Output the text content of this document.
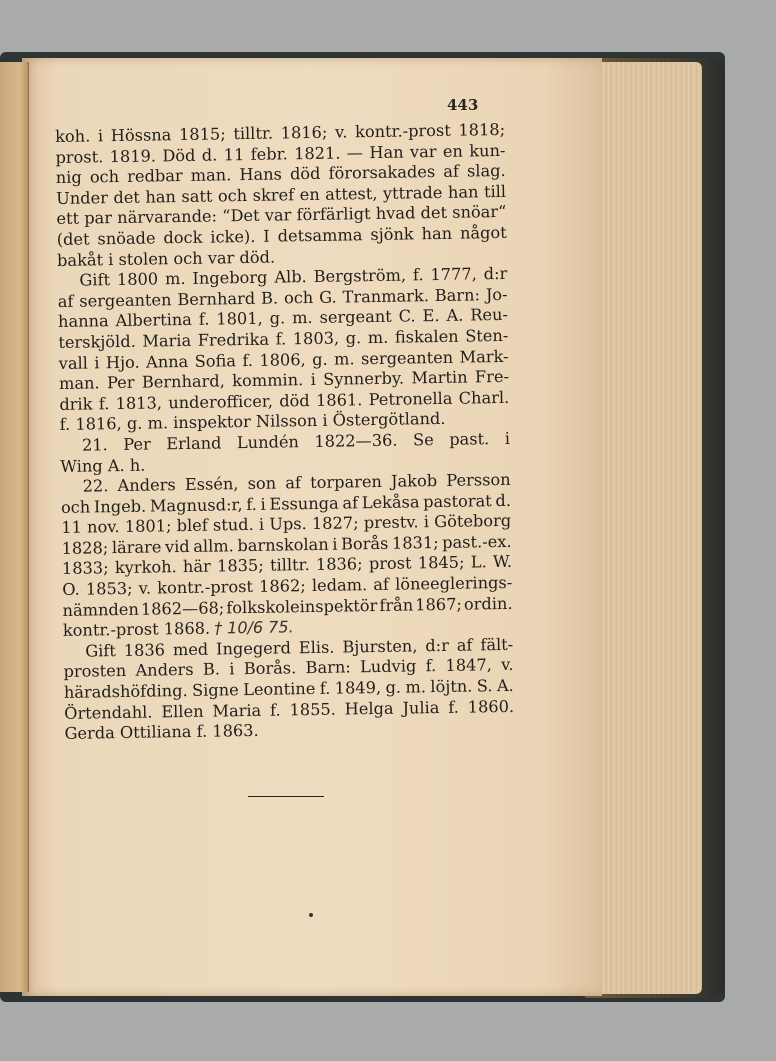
443
koh. i Hössna 1815; tilltr. 1816; v. kontr.-prost 1818;
prost. 1819. Död d. 11 febr. 1821. — Han var en kun-
nig och redbar man. Hans död förorsakades af slag.
Under det han satt och skref en attest, yttrade han till
ett par närvarande: “Det var förfärligt hvad det snöar“
(det snöade dock icke). I detsamma sjönk han något
bakåt i stolen och var död.
Gift 1800 m. Ingeborg Alb. Bergström, f. 1777, d:r
af sergeanten Bernhard B. och G. Tranmark. Barn: Jo-
hanna Albertina f. 1801, g. m. sergeant C. E. A. Reu-
terskjöld. Maria Fredrika f. 1803, g. m. fiskalen Sten-
vall i Hjo. Anna Sofia f. 1806, g. m. sergeanten Mark-
man. Per Bernhard, kommin. i Synnerby. Martin Fre-
drik f. 1813, underofficer, död 1861. Petronella Charl.
f. 1816, g. m. inspektor Nilsson i Östergötland.
21. Per Erland Lundén 1822—36. Se past. i
Wing A. h.
22. Anders Essén, son af torparen Jakob Persson
och Ingeb. Magnusd:r, f. i Essunga af Lekåsa pastorat d.
11 nov. 1801; blef stud. i Ups. 1827; prestv. i Göteborg
1828; lärare vid allm. barnskolan i Borås 1831; past.-ex.
1833; kyrkoh. här 1835; tilltr. 1836; prost 1845; L. W.
O. 1853; v. kontr.-prost 1862; ledam. af löneeglerings-
nämnden 1862—68; folkskoleinspektör från 1867; ordin.
kontr.-prost 1868. † 10/6 75.
Gift 1836 med Ingegerd Elis. Bjursten, d:r af fält-
prosten Anders B. i Borås. Barn: Ludvig f. 1847, v.
häradshöfding. Signe Leontine f. 1849, g. m. löjtn. S. A.
Örtendahl. Ellen Maria f. 1855. Helga Julia f. 1860.
Gerda Ottiliana f. 1863.
